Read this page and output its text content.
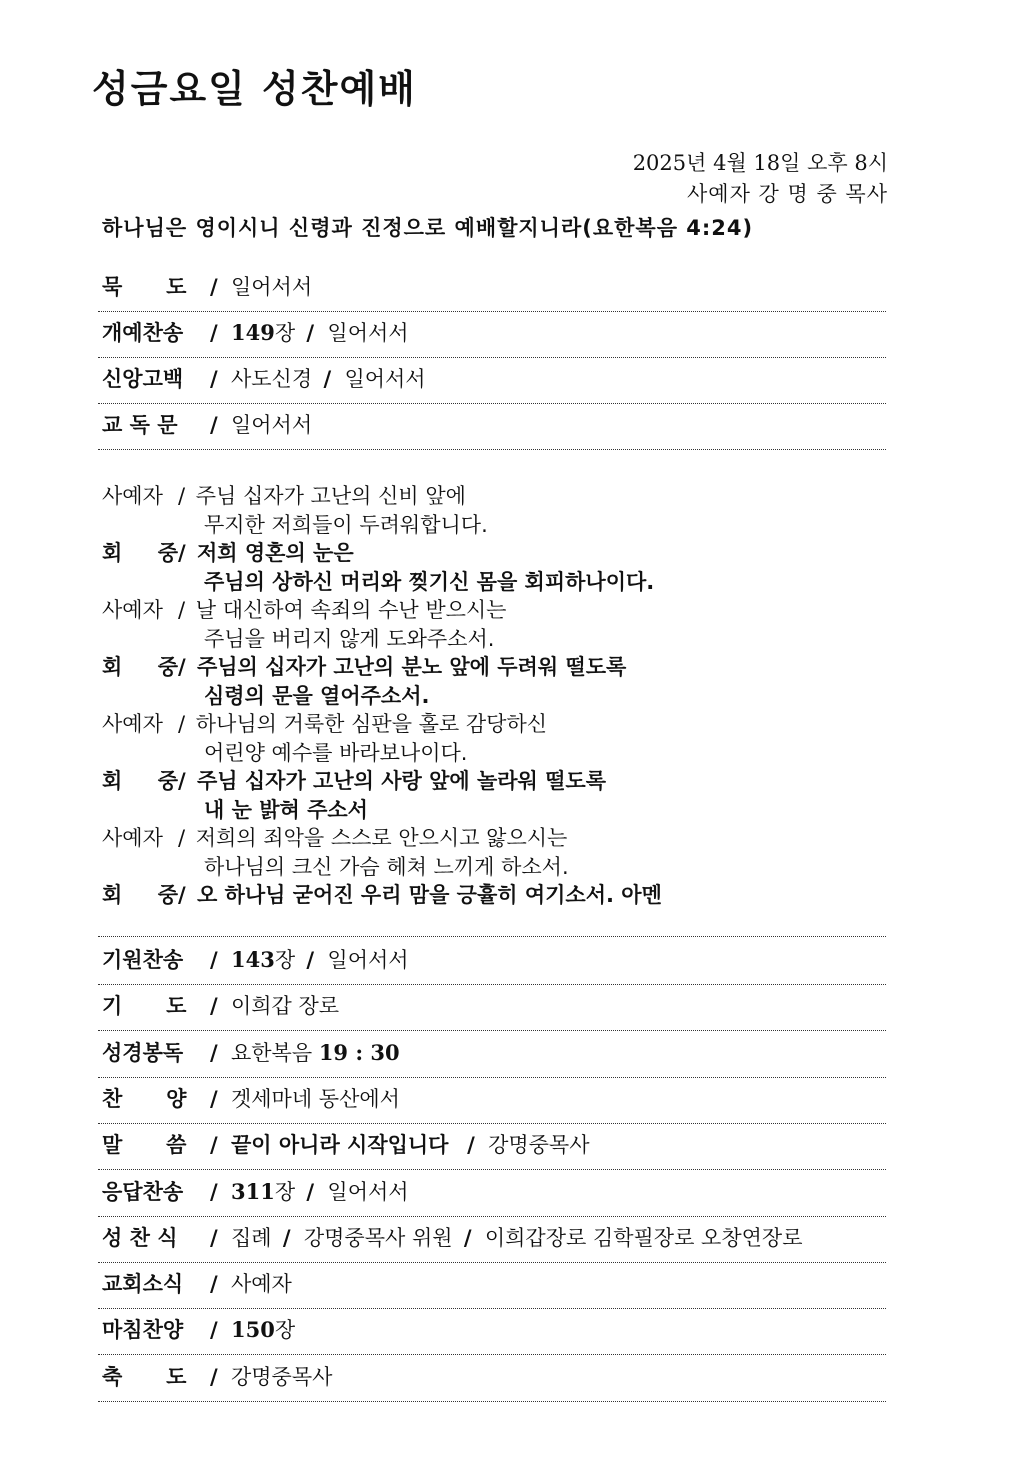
성금요일 성찬예배
2025년 4월 18일 오후 8시
사예자 강 명 중 목사
하나님은 영이시니 신령과 진정으로 예배할지니라(요한복음 4:24)
묵      도 / 일어서서
개예찬송 / 149장 / 일어서서
신앙고백 / 사도신경 / 일어서서
교 독 문 / 일어서서
사예자 / 주님 십자가 고난의 신비 앞에
무지한 저희들이 두려워합니다.
회  중/ 저희 영혼의 눈은
주님의 상하신 머리와 찢기신 몸을 회피하나이다.
사예자 / 날 대신하여 속죄의 수난 받으시는
주님을 버리지 않게 도와주소서.
회  중/ 주님의 십자가 고난의 분노 앞에 두려워 떨도록
심령의 문을 열어주소서.
사예자 / 하나님의 거룩한 심판을 홀로 감당하신
어린양 예수를 바라보나이다.
회  중/ 주님 십자가 고난의 사랑 앞에 놀라워 떨도록
내 눈 밝혀 주소서
사예자 / 저희의 죄악을 스스로 안으시고 앓으시는
하나님의 크신 가슴 헤쳐 느끼게 하소서.
회  중/ 오 하나님 굳어진 우리 맘을 긍휼히 여기소서. 아멘
기원찬송 / 143장 / 일어서서
기      도 / 이희갑 장로
성경봉독 / 요한복음 19 : 30
찬      양 / 겟세마네 동산에서
말      씀 / 끝이 아니라 시작입니다  / 강명중목사
응답찬송 / 311장 / 일어서서
성 찬 식 / 집례 / 강명중목사 위원 / 이희갑장로 김학필장로 오창연장로
교회소식 / 사예자
마침찬양 / 150장
축      도 / 강명중목사
